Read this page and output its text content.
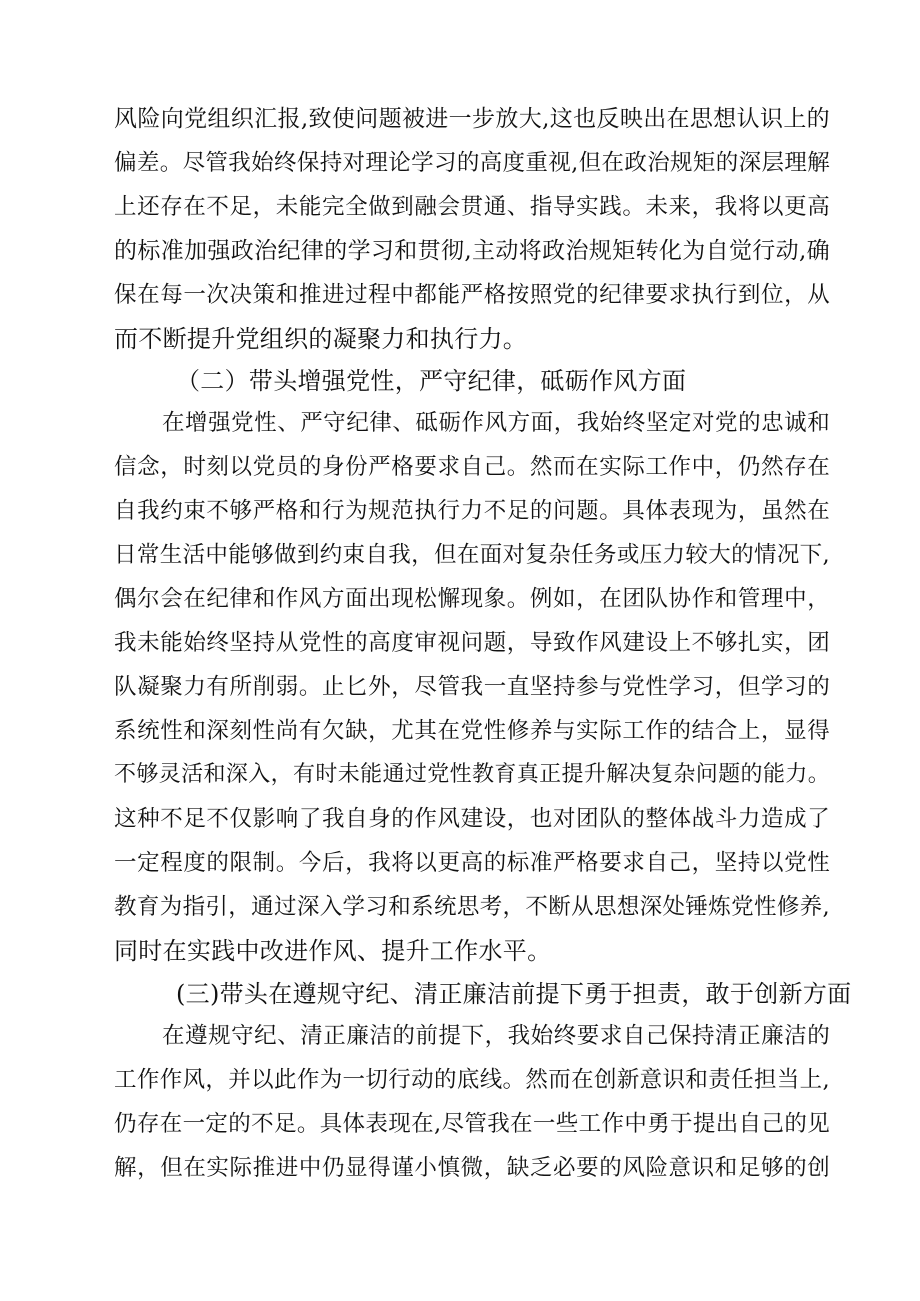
风险向党组织汇报,致使问题被进一步放大,这也反映出在思想认识上的
偏差。尽管我始终保持对理论学习的高度重视,但在政治规矩的深层理解
上还存在不足，未能完全做到融会贯通、指导实践。未来，我将以更高
的标准加强政治纪律的学习和贯彻,主动将政治规矩转化为自觉行动,确
保在每一次决策和推进过程中都能严格按照党的纪律要求执行到位，从
而不断提升党组织的凝聚力和执行力。
（二）带头增强党性，严守纪律，砥砺作风方面
在增强党性、严守纪律、砥砺作风方面，我始终坚定对党的忠诚和
信念，时刻以党员的身份严格要求自己。然而在实际工作中，仍然存在
自我约束不够严格和行为规范执行力不足的问题。具体表现为，虽然在
日常生活中能够做到约束自我，但在面对复杂任务或压力较大的情况下,
偶尔会在纪律和作风方面出现松懈现象。例如，在团队协作和管理中，
我未能始终坚持从党性的高度审视问题，导致作风建设上不够扎实，团
队凝聚力有所削弱。止匕外，尽管我一直坚持参与党性学习，但学习的
系统性和深刻性尚有欠缺，尤其在党性修养与实际工作的结合上，显得
不够灵活和深入，有时未能通过党性教育真正提升解决复杂问题的能力。
这种不足不仅影响了我自身的作风建设，也对团队的整体战斗力造成了
一定程度的限制。今后，我将以更高的标准严格要求自己，坚持以党性
教育为指引，通过深入学习和系统思考，不断从思想深处锤炼党性修养,
同时在实践中改进作风、提升工作水平。
(三)带头在遵规守纪、清正廉洁前提下勇于担责，敢于创新方面
在遵规守纪、清正廉洁的前提下，我始终要求自己保持清正廉洁的
工作作风，并以此作为一切行动的底线。然而在创新意识和责任担当上,
仍存在一定的不足。具体表现在,尽管我在一些工作中勇于提出自己的见
解，但在实际推进中仍显得谨小慎微，缺乏必要的风险意识和足够的创
